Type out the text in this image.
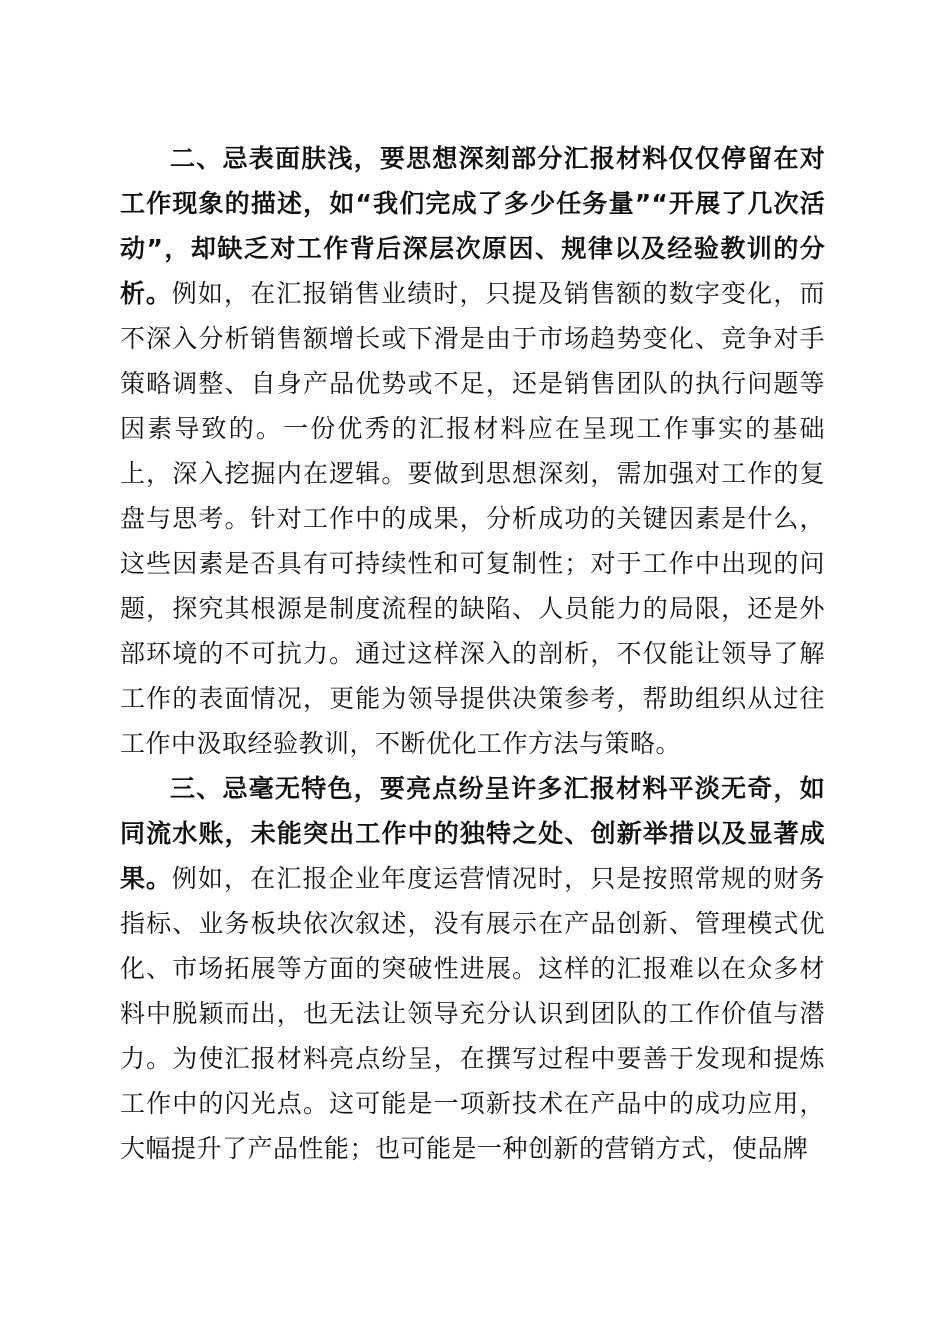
二、忌表面肤浅，要思想深刻部分汇报材料仅仅停留在对工作现象的描述，如“我们完成了多少任务量”“开展了几次活动”，却缺乏对工作背后深层次原因、规律以及经验教训的分析。例如，在汇报销售业绩时，只提及销售额的数字变化，而不深入分析销售额增长或下滑是由于市场趋势变化、竞争对手策略调整、自身产品优势或不足，还是销售团队的执行问题等因素导致的。一份优秀的汇报材料应在呈现工作事实的基础上，深入挖掘内在逻辑。要做到思想深刻，需加强对工作的复盘与思考。针对工作中的成果，分析成功的关键因素是什么，这些因素是否具有可持续性和可复制性；对于工作中出现的问题，探究其根源是制度流程的缺陷、人员能力的局限，还是外部环境的不可抗力。通过这样深入的剖析，不仅能让领导了解工作的表面情况，更能为领导提供决策参考，帮助组织从过往工作中汲取经验教训，不断优化工作方法与策略。

三、忌毫无特色，要亮点纷呈许多汇报材料平淡无奇，如同流水账，未能突出工作中的独特之处、创新举措以及显著成果。例如，在汇报企业年度运营情况时，只是按照常规的财务指标、业务板块依次叙述，没有展示在产品创新、管理模式优化、市场拓展等方面的突破性进展。这样的汇报难以在众多材料中脱颖而出，也无法让领导充分认识到团队的工作价值与潜力。为使汇报材料亮点纷呈，在撰写过程中要善于发现和提炼工作中的闪光点。这可能是一项新技术在产品中的成功应用，大幅提升了产品性能；也可能是一种创新的营销方式，使品牌
